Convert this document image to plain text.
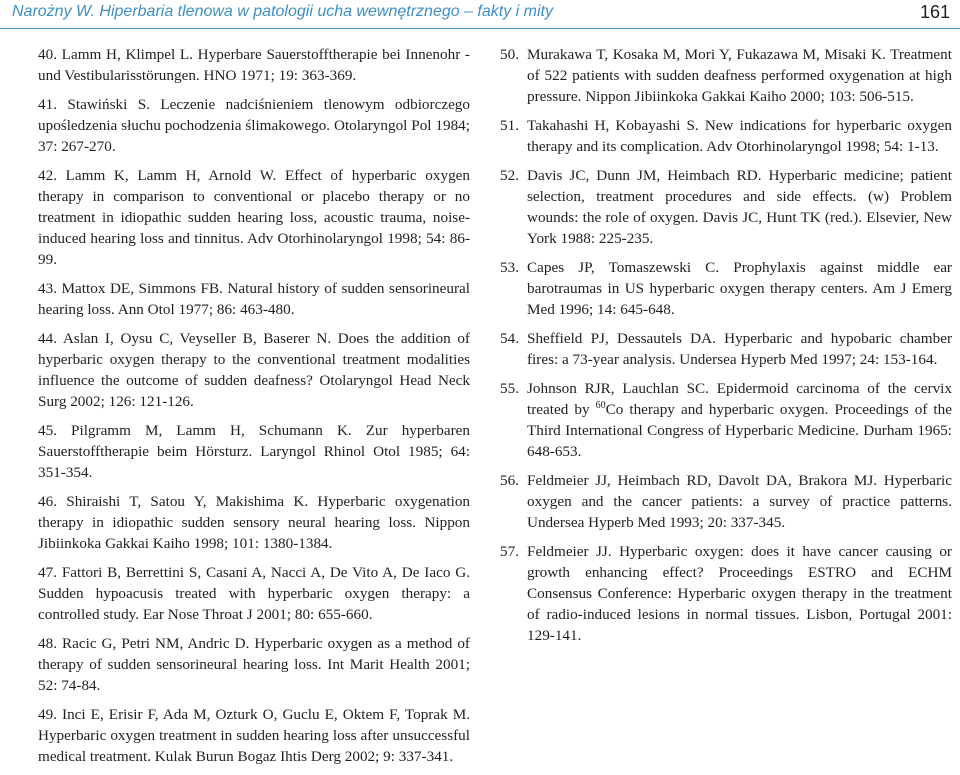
Narożny W. Hiperbaria tlenowa w patologii ucha wewnętrznego – fakty i mity	161

40. Lamm H, Klimpel L. Hyperbare Sauerstofftherapie bei Innenohr - und Vestibularisstörungen. HNO 1971; 19: 363-369.

41. Stawiński S. Leczenie nadciśnieniem tlenowym odbiorczego upośledzenia słuchu pochodzenia ślimakowego. Otolaryngol Pol 1984; 37: 267-270.

42. Lamm K, Lamm H, Arnold W. Effect of hyperbaric oxygen therapy in comparison to conventional or placebo therapy or no treatment in idiopathic sudden hearing loss, acoustic trauma, noise-induced hearing loss and tinnitus. Adv Otorhinolaryngol 1998; 54: 86-99.

43. Mattox DE, Simmons FB. Natural history of sudden sensorineural hearing loss. Ann Otol 1977; 86: 463-480.

44. Aslan I, Oysu C, Veyseller B, Baserer N. Does the addition of hyperbaric oxygen therapy to the conventional treatment modalities influence the outcome of sudden deafness? Otolaryngol Head Neck Surg 2002; 126: 121-126.

45. Pilgramm M, Lamm H, Schumann K. Zur hyperbaren Sauerstofftherapie beim Hörsturz. Laryngol Rhinol Otol 1985; 64: 351-354.

46. Shiraishi T, Satou Y, Makishima K. Hyperbaric oxygenation therapy in idiopathic sudden sensory neural hearing loss. Nippon Jibiinkoka Gakkai Kaiho 1998; 101: 1380-1384.

47. Fattori B, Berrettini S, Casani A, Nacci A, De Vito A, De Iaco G. Sudden hypoacusis treated with hyperbaric oxygen therapy: a controlled study. Ear Nose Throat J 2001; 80: 655-660.

48. Racic G, Petri NM, Andric D. Hyperbaric oxygen as a method of therapy of sudden sensorineural hearing loss. Int Marit Health 2001; 52: 74-84.

49. Inci E, Erisir F, Ada M, Ozturk O, Guclu E, Oktem F, Toprak M. Hyperbaric oxygen treatment in sudden hearing loss after unsuccessful medical treatment. Kulak Burun Bogaz Ihtis Derg 2002; 9: 337-341.

50. Murakawa T, Kosaka M, Mori Y, Fukazawa M, Misaki K. Treatment of 522 patients with sudden deafness performed oxygenation at high pressure. Nippon Jibiinkoka Gakkai Kaiho 2000; 103: 506-515.

51. Takahashi H, Kobayashi S. New indications for hyperbaric oxygen therapy and its complication. Adv Otorhinolaryngol 1998; 54: 1-13.

52. Davis JC, Dunn JM, Heimbach RD. Hyperbaric medicine; patient selection, treatment procedures and side effects. (w) Problem wounds: the role of oxygen. Davis JC, Hunt TK (red.). Elsevier, New York 1988: 225-235.

53. Capes JP, Tomaszewski C. Prophylaxis against middle ear barotraumas in US hyperbaric oxygen therapy centers. Am J Emerg Med 1996; 14: 645-648.

54. Sheffield PJ, Dessautels DA. Hyperbaric and hypobaric chamber fires: a 73-year analysis. Undersea Hyperb Med 1997; 24: 153-164.

55. Johnson RJR, Lauchlan SC. Epidermoid carcinoma of the cervix treated by $^{60}$Co therapy and hyperbaric oxygen. Proceedings of the Third International Congress of Hyperbaric Medicine. Durham 1965: 648-653.

56. Feldmeier JJ, Heimbach RD, Davolt DA, Brakora MJ. Hyperbaric oxygen and the cancer patients: a survey of practice patterns. Undersea Hyperb Med 1993; 20: 337-345.

57. Feldmeier JJ. Hyperbaric oxygen: does it have cancer causing or growth enhancing effect? Proceedings ESTRO and ECHM Consensus Conference: Hyperbaric oxygen therapy in the treatment of radio-induced lesions in normal tissues. Lisbon, Portugal 2001: 129-141.
